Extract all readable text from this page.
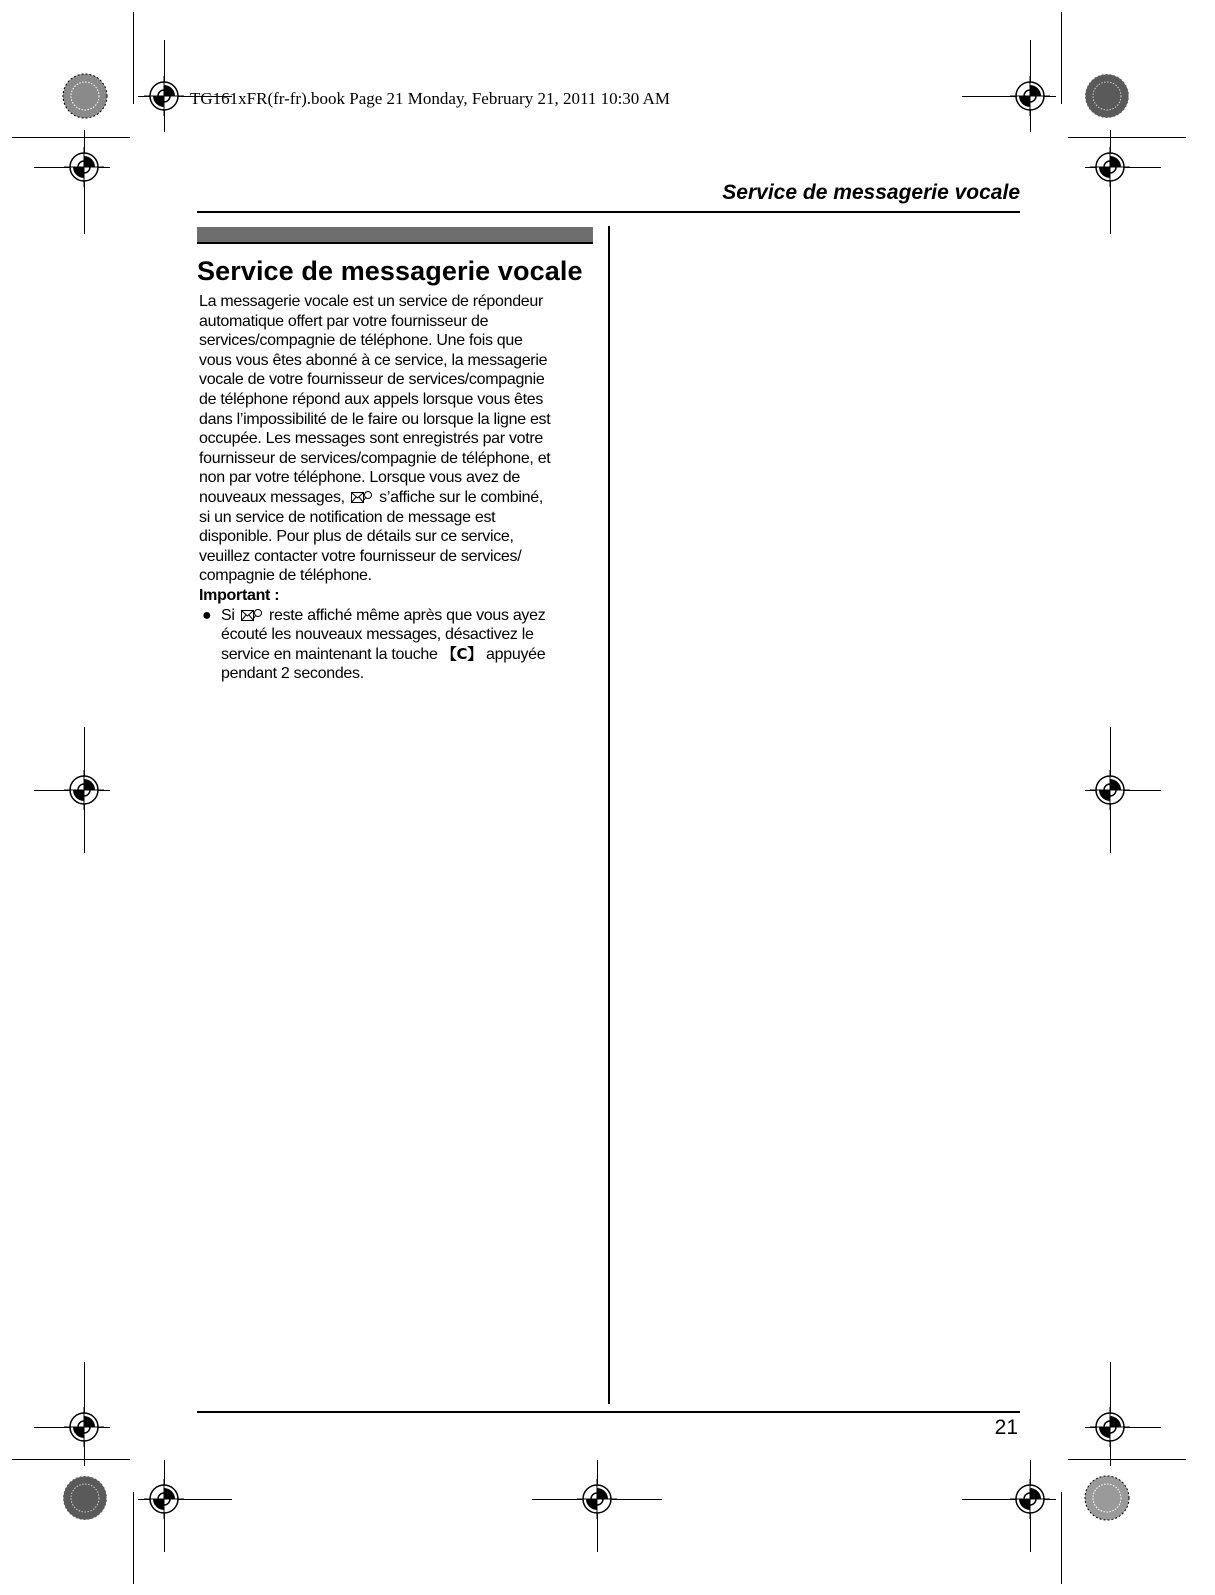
TG161xFR(fr-fr).book Page 21 Monday, February 21, 2011 10:30 AM
Service de messagerie vocale
Service de messagerie vocale

La messagerie vocale est un service de répondeur
automatique offert par votre fournisseur de
services/compagnie de téléphone. Une fois que
vous vous êtes abonné à ce service, la messagerie
vocale de votre fournisseur de services/compagnie
de téléphone répond aux appels lorsque vous êtes
dans l’impossibilité de le faire ou lorsque la ligne est
occupée. Les messages sont enregistrés par votre
fournisseur de services/compagnie de téléphone, et
non par votre téléphone. Lorsque vous avez de
nouveaux messages, s’affiche sur le combiné,
si un service de notification de message est
disponible. Pour plus de détails sur ce service,
veuillez contacter votre fournisseur de services/
compagnie de téléphone.

Important :
● Si reste affiché même après que vous ayez
écouté les nouveaux messages, désactivez le
service en maintenant la touche 【C】 appuyée
pendant 2 secondes.
21
